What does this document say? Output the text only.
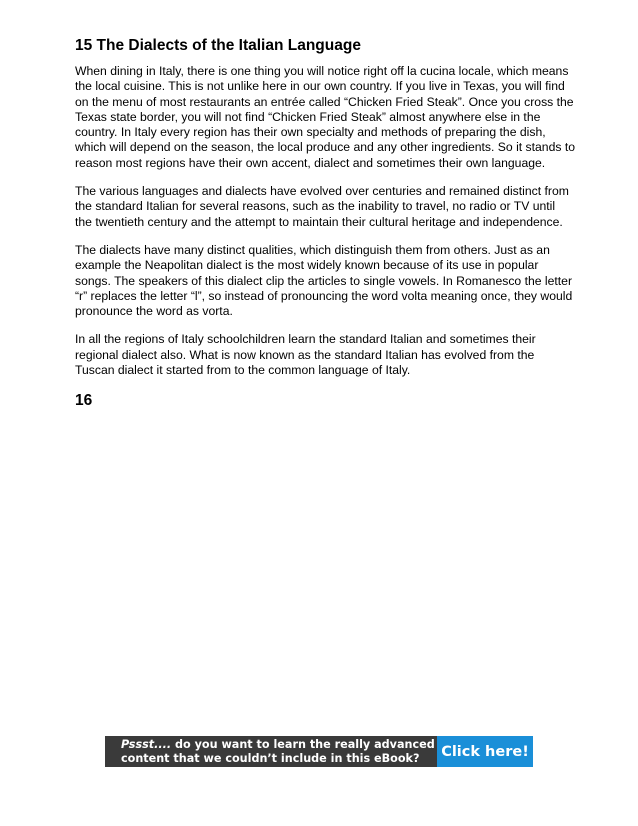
15 The Dialects of the Italian Language

When dining in Italy, there is one thing you will notice right off la cucina locale, which means the local cuisine. This is not unlike here in our own country. If you live in Texas, you will find on the menu of most restaurants an entrée called “Chicken Fried Steak”. Once you cross the Texas state border, you will not find “Chicken Fried Steak” almost anywhere else in the country. In Italy every region has their own specialty and methods of preparing the dish, which will depend on the season, the local produce and any other ingredients. So it stands to reason most regions have their own accent, dialect and sometimes their own language.

The various languages and dialects have evolved over centuries and remained distinct from the standard Italian for several reasons, such as the inability to travel, no radio or TV until the twentieth century and the attempt to maintain their cultural heritage and independence.

The dialects have many distinct qualities, which distinguish them from others. Just as an example the Neapolitan dialect is the most widely known because of its use in popular songs. The speakers of this dialect clip the articles to single vowels. In Romanesco the letter “r” replaces the letter “l”, so instead of pronouncing the word volta meaning once, they would pronounce the word as vorta.

In all the regions of Italy schoolchildren learn the standard Italian and sometimes their regional dialect also. What is now known as the standard Italian has evolved from the Tuscan dialect it started from to the common language of Italy.

16
Pssst.... do you want to learn the really advanced
content that we couldn’t include in this eBook?	Click here!
